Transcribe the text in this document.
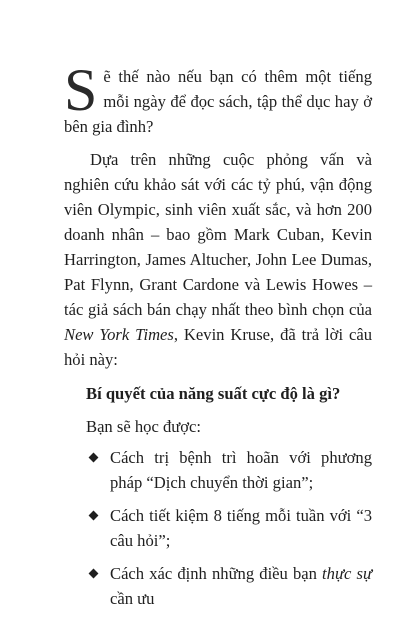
Sẽ thế nào nếu bạn có thêm một tiếng mỗi ngày để đọc sách, tập thể dục hay ở bên gia đình?

Dựa trên những cuộc phỏng vấn và nghiên cứu khảo sát với các tỷ phú, vận động viên Olympic, sinh viên xuất sắc, và hơn 200 doanh nhân – bao gồm Mark Cuban, Kevin Harrington, James Altucher, John Lee Dumas, Pat Flynn, Grant Cardone và Lewis Howes – tác giả sách bán chạy nhất theo bình chọn của New York Times, Kevin Kruse, đã trả lời câu hỏi này:

Bí quyết của năng suất cực độ là gì?

Bạn sẽ học được:

Cách trị bệnh trì hoãn với phương pháp “Dịch chuyển thời gian”;
Cách tiết kiệm 8 tiếng mỗi tuần với “3 câu hỏi”;
Cách xác định những điều bạn thực sự cần ưu
